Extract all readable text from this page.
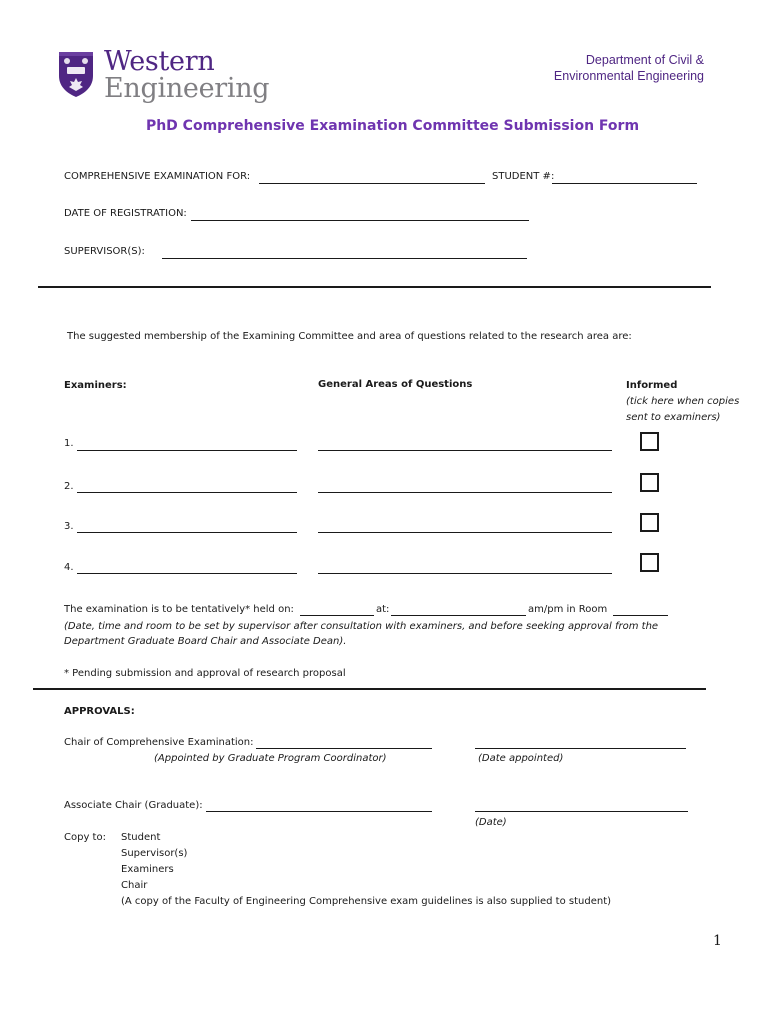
Western
Engineering
Department of Civil &
Environmental Engineering
PhD Comprehensive Examination Committee Submission Form
COMPREHENSIVE EXAMINATION FOR:	STUDENT #:
DATE OF REGISTRATION:
SUPERVISOR(S):
The suggested membership of the Examining Committee and area of questions related to the research area are:
Examiners:	General Areas of Questions	Informed
(tick here when copies
sent to examiners)
1.
2.
3.
4.
The examination is to be tentatively* held on:	at:	am/pm in Room
(Date, time and room to be set by supervisor after consultation with examiners, and before seeking approval from the
Department Graduate Board Chair and Associate Dean).
* Pending submission and approval of research proposal
APPROVALS:
Chair of Comprehensive Examination:
(Appointed by Graduate Program Coordinator)	(Date appointed)
Associate Chair (Graduate):
(Date)
Copy to: Student
Supervisor(s)
Examiners
Chair
(A copy of the Faculty of Engineering Comprehensive exam guidelines is also supplied to student)
1
